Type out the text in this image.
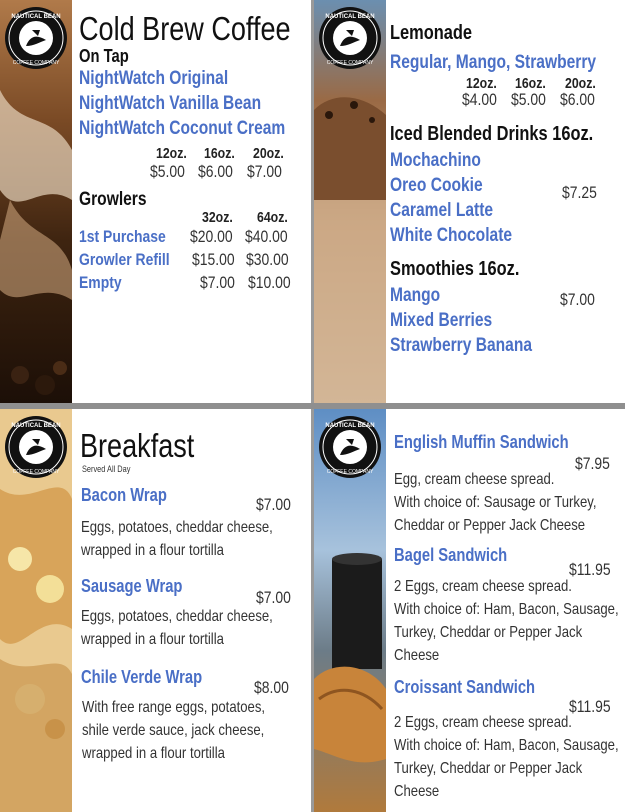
NAUTICAL BEAN
COFFEE COMPANY
Cold Brew Coffee
On Tap
NightWatch Original
NightWatch Vanilla Bean
NightWatch Coconut Cream
12oz. 16oz. 20oz.
$5.00 $6.00 $7.00
Growlers
32oz. 64oz.
1st Purchase $20.00 $40.00
Growler Refill $15.00 $30.00
Empty	$7.00 $10.00
NAUTICAL BEAN
COFFEE COMPANY
Lemonade
Regular, Mango, Strawberry
12oz. 16oz. 20oz.
$4.00 $5.00 $6.00
Iced Blended Drinks 16oz.
Mochachino
Oreo Cookie
Caramel Latte
White Chocolate
$7.25
Smoothies 16oz.
Mango
Mixed Berries
Strawberry Banana
$7.00
NAUTICAL BEAN
COFFEE COMPANY
Breakfast
Served All Day
Bacon Wrap	$7.00
Eggs, potatoes, cheddar cheese,
wrapped in a flour tortilla
Sausage Wrap
$7.00
Eggs, potatoes, cheddar cheese,
wrapped in a flour tortilla
Chile Verde Wrap
$8.00
With free range eggs, potatoes,
shile verde sauce, jack cheese,
wrapped in a flour tortilla
NAUTICAL BEAN
COFFEE COMPANY
English Muffin Sandwich
$7.95
Egg, cream cheese spread.
With choice of: Sausage or Turkey,
Cheddar or Pepper Jack Cheese
Bagel Sandwich
$11.95
2 Eggs, cream cheese spread.
With choice of: Ham, Bacon, Sausage,
Turkey, Cheddar or Pepper Jack
Cheese
Croissant Sandwich
$11.95
2 Eggs, cream cheese spread.
With choice of: Ham, Bacon, Sausage,
Turkey, Cheddar or Pepper Jack
Cheese
